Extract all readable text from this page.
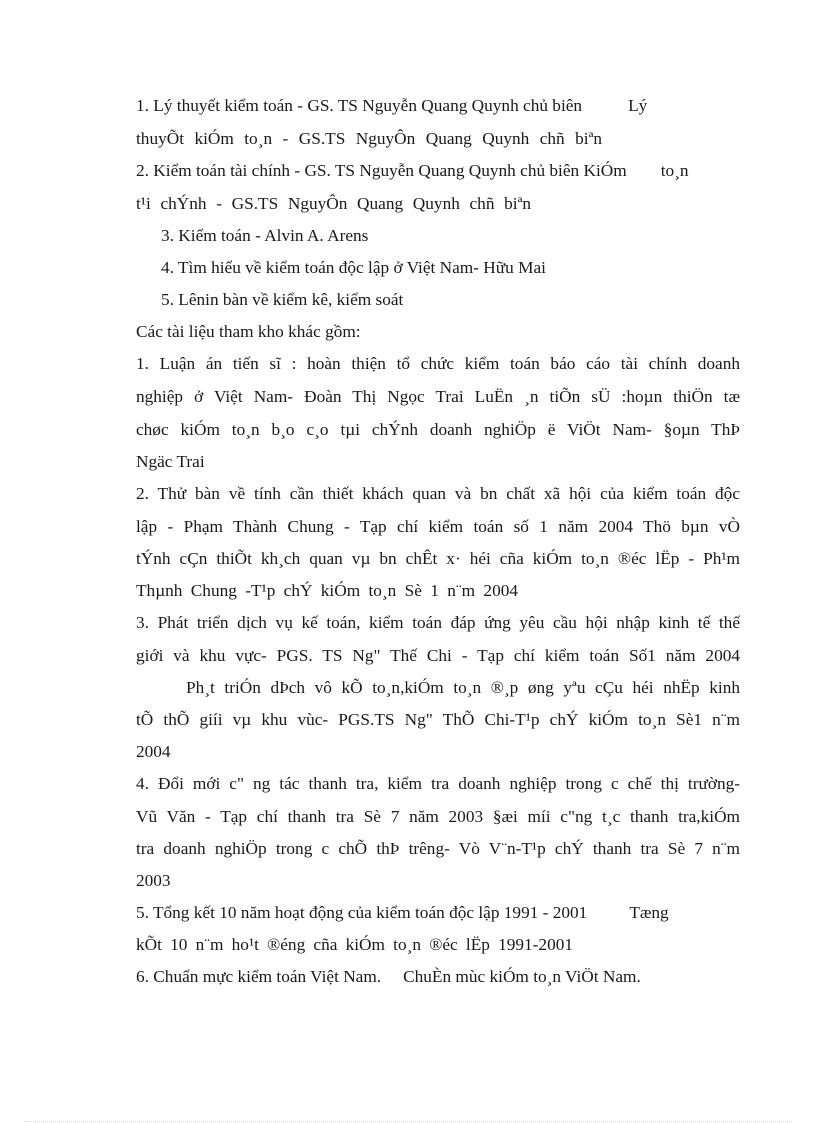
1. Lý thuyết kiểm toán - GS. TS Nguyễn Quang Quynh chủ biên	Lý
thuyÕt kiÓm to¸n - GS.TS NguyÔn Quang Quynh chñ biªn
2. Kiểm toán tài chính - GS. TS Nguyễn Quang Quynh chủ biên KiÓm to¸n
t¹i chÝnh - GS.TS NguyÔn Quang Quynh chñ biªn
3. Kiểm toán - Alvin A. Arens
4. Tìm hiểu về kiểm toán độc lập ở Việt Nam- Hữu Mai
5. Lênin bàn về kiểm kê, kiểm soát
Các tài liệu tham kho khác gồm:
1. Luận án tiến sĩ : hoàn thiện tổ chức kiểm toán báo cáo tài chính doanh
nghiệp ở Việt Nam- Đoàn Thị Ngọc Trai LuËn ¸n tiÕn sÜ :hoµn thiÖn tæ
chøc kiÓm to¸n b¸o c¸o tµi chÝnh doanh nghiÖp ë ViÖt Nam- §oµn ThÞ
Ngäc Trai
2. Thử bàn về tính cần thiết khách quan và bn chất xã hội của kiểm toán độc
lập - Phạm Thành Chung - Tạp chí kiểm toán số 1 năm 2004 Thö bµn vÒ
tÝnh cÇn thiÕt kh¸ch quan vµ bn chÊt x· héi cña kiÓm to¸n ®éc lËp - Ph¹m
Thµnh Chung -T¹p chÝ kiÓm to¸n Sè 1 n¨m 2004
3. Phát triển dịch vụ kế toán, kiểm toán đáp ứng yêu cầu hội nhập kinh tế thế
giới và khu vực- PGS. TS Ng" Thế Chi - Tạp chí kiểm toán Số1 năm 2004
Ph¸t triÓn dÞch vô kÕ to¸n,kiÓm to¸n ®¸p øng yªu cÇu héi nhËp kinh
tÕ thÕ giíi vµ khu vùc- PGS.TS Ng" ThÕ Chi-T¹p chÝ kiÓm to¸n Sè1 n¨m
2004
4. Đổi mới c" ng tác thanh tra, kiểm tra doanh nghiệp trong c chế thị trường-
Vũ Văn - Tạp chí thanh tra Sè 7 năm 2003 §æi míi c"ng t¸c thanh tra,kiÓm
tra doanh nghiÖp trong c chÕ thÞ trêng- Vò V¨n-T¹p chÝ thanh tra Sè 7 n¨m
2003
5. Tổng kết 10 năm hoạt động của kiểm toán độc lập 1991 - 2001 Tæng
kÕt 10 n¨m ho¹t ®éng cña kiÓm to¸n ®éc lËp 1991-2001
6. Chuẩn mực kiểm toán Việt Nam. ChuÈn mùc kiÓm to¸n ViÖt Nam.
